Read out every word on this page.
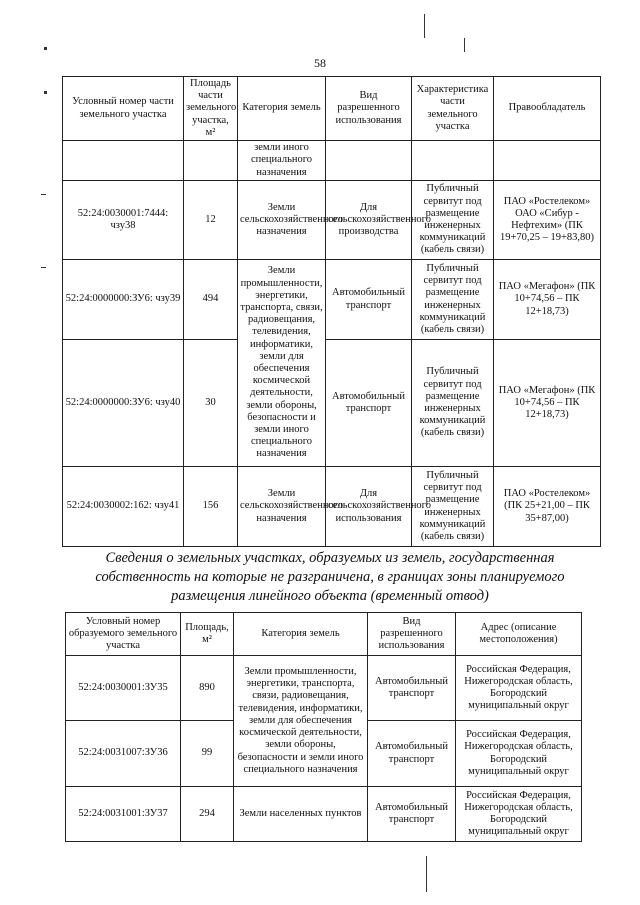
58
Условный номер части земельного участка	Площадь части земельного участка, м²	Категория земель	Вид разрешенного использования	Характеристика части земельного участка	Правообладатель
		земли иного специального назначения			
52:24:0030001:7444: чзу38	12	Земли сельскохозяйственного назначения	Для сельскохозяйственного производства	Публичный сервитут под размещение инженерных коммуникаций (кабель связи)	ПАО «Ростелеком» ОАО «Сибур - Нефтехим» (ПК 19+70,25 – 19+83,80)
52:24:0000000:ЗУ6: чзу39	494	Земли промышленности, энергетики, транспорта, связи, радиовещания, телевидения, информатики, земли для обеспечения космической деятельности, земли обороны, безопасности и земли иного специального назначения	Автомобильный транспорт	Публичный сервитут под размещение инженерных коммуникаций (кабель связи)	ПАО «Мегафон» (ПК 10+74,56 – ПК 12+18,73)
52:24:0000000:ЗУ6: чзу40	30		Автомобильный транспорт	Публичный сервитут под размещение инженерных коммуникаций (кабель связи)	ПАО «Мегафон» (ПК 10+74,56 – ПК 12+18,73)
52:24:0030002:162: чзу41	156	Земли сельскохозяйственного назначения	Для сельскохозяйственного использования	Публичный сервитут под размещение инженерных коммуникаций (кабель связи)	ПАО «Ростелеком» (ПК 25+21,00 – ПК 35+87,00)
Сведения о земельных участках, образуемых из земель, государственная собственность на которые не разграничена, в границах зоны планируемого размещения линейного объекта (временный отвод)
Условный номер образуемого земельного участка	Площадь, м²	Категория земель	Вид разрешенного использования	Адрес (описание местоположения)
52:24:0030001:ЗУ35	890	Земли промышленности, энергетики, транспорта, связи, радиовещания, телевидения, информатики, земли для обеспечения космической деятельности, земли обороны, безопасности и земли иного специального назначения	Автомобильный транспорт	Российская Федерация, Нижегородская область, Богородский муниципальный округ
52:24:0031007:ЗУ36	99		Автомобильный транспорт	Российская Федерация, Нижегородская область, Богородский муниципальный округ
52:24:0031001:ЗУ37	294	Земли населенных пунктов	Автомобильный транспорт	Российская Федерация, Нижегородская область, Богородский муниципальный округ
